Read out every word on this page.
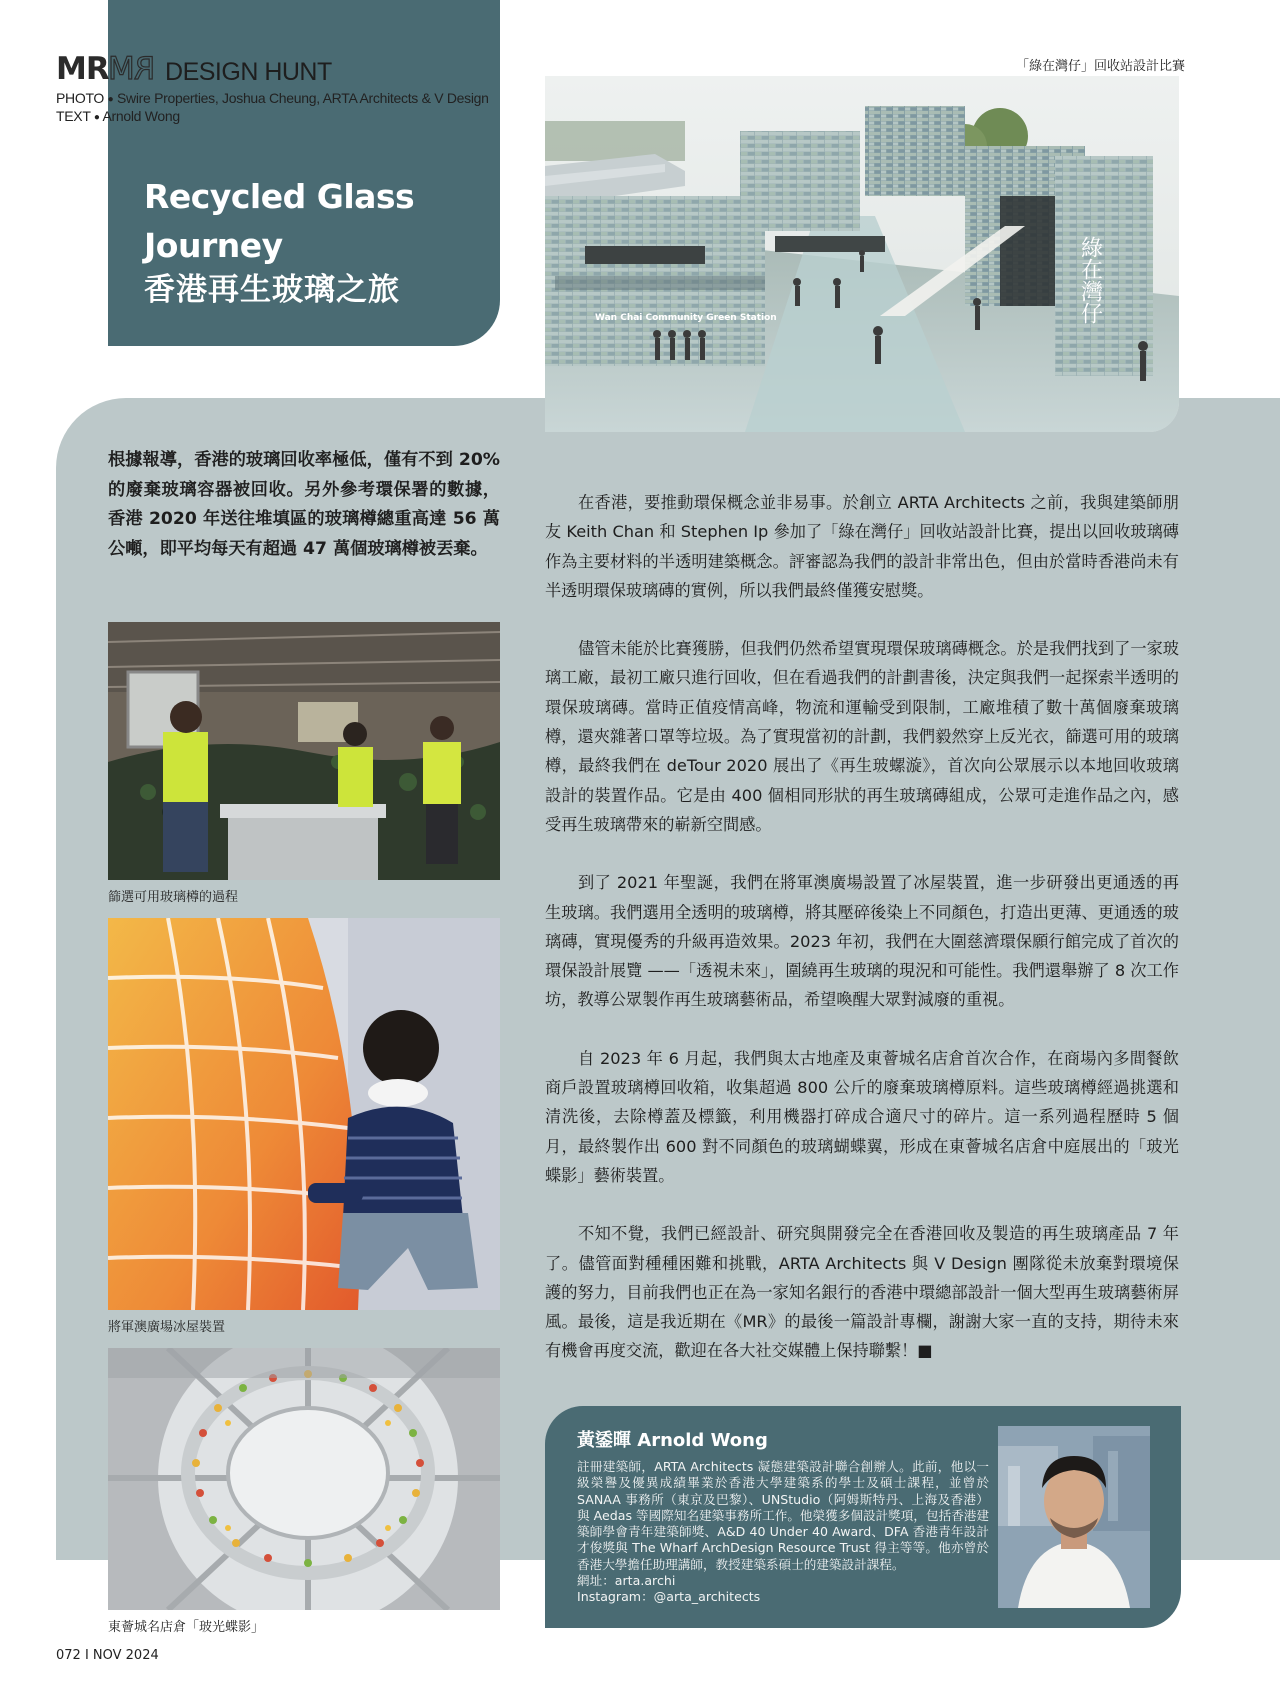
MR RM DESIGN HUNT
PHOTO ● Swire Properties, Joshua Cheung, ARTA Architects & V Design
TEXT ● Arnold Wong
Recycled Glass
Journey
香港再生玻璃之旅
「綠在灣仔」回收站設計比賽
Wan Chai Community Green Station	綠在灣仔
根據報導，香港的玻璃回收率極低，僅有不到 20% 的廢棄玻璃容器被回收。另外參考環保署的數據，香港 2020 年送往堆填區的玻璃樽總重高達 56 萬公噸，即平均每天有超過 47 萬個玻璃樽被丟棄。
篩選可用玻璃樽的過程
將軍澳廣場冰屋裝置
東薈城名店倉「玻光蝶影」

在香港，要推動環保概念並非易事。於創立 ARTA Architects 之前，我與建築師朋友 Keith Chan 和 Stephen Ip 參加了「綠在灣仔」回收站設計比賽，提出以回收玻璃磚作為主要材料的半透明建築概念。評審認為我們的設計非常出色，但由於當時香港尚未有半透明環保玻璃磚的實例，所以我們最終僅獲安慰獎。

儘管未能於比賽獲勝，但我們仍然希望實現環保玻璃磚概念。於是我們找到了一家玻璃工廠，最初工廠只進行回收，但在看過我們的計劃書後，決定與我們一起探索半透明的環保玻璃磚。當時正值疫情高峰，物流和運輸受到限制，工廠堆積了數十萬個廢棄玻璃樽，還夾雜著口罩等垃圾。為了實現當初的計劃，我們毅然穿上反光衣，篩選可用的玻璃樽，最終我們在 deTour 2020 展出了《再生玻螺漩》，首次向公眾展示以本地回收玻璃設計的裝置作品。它是由 400 個相同形狀的再生玻璃磚組成，公眾可走進作品之內，感受再生玻璃帶來的嶄新空間感。

到了 2021 年聖誕，我們在將軍澳廣場設置了冰屋裝置，進一步研發出更通透的再生玻璃。我們選用全透明的玻璃樽，將其壓碎後染上不同顏色，打造出更薄、更通透的玻璃磚，實現優秀的升級再造效果。2023 年初，我們在大圍慈濟環保願行館完成了首次的環保設計展覽 ——「透視未來」，圍繞再生玻璃的現況和可能性。我們還舉辦了 8 次工作坊，教導公眾製作再生玻璃藝術品，希望喚醒大眾對減廢的重視。

自 2023 年 6 月起，我們與太古地產及東薈城名店倉首次合作，在商場內多間餐飲商戶設置玻璃樽回收箱，收集超過 800 公斤的廢棄玻璃樽原料。這些玻璃樽經過挑選和清洗後，去除樽蓋及標籤，利用機器打碎成合適尺寸的碎片。這一系列過程歷時 5 個月，最終製作出 600 對不同顏色的玻璃蝴蝶翼，形成在東薈城名店倉中庭展出的「玻光蝶影」藝術裝置。

不知不覺，我們已經設計、研究與開發完全在香港回收及製造的再生玻璃產品 7 年了。儘管面對種種困難和挑戰，ARTA Architects 與 V Design 團隊從未放棄對環境保護的努力，目前我們也正在為一家知名銀行的香港中環總部設計一個大型再生玻璃藝術屏風。最後，這是我近期在《MR》的最後一篇設計專欄，謝謝大家一直的支持，期待未來有機會再度交流，歡迎在各大社交媒體上保持聯繫！■

黃鋈暉 Arnold Wong
註冊建築師，ARTA Architects 凝態建築設計聯合創辦人。此前，他以一級榮譽及優異成績畢業於香港大學建築系的學士及碩士課程，並曾於 SANAA 事務所（東京及巴黎）、UNStudio（阿姆斯特丹、上海及香港）與 Aedas 等國際知名建築事務所工作。他榮獲多個設計獎項，包括香港建築師學會青年建築師獎、A&D 40 Under 40 Award、DFA 香港青年設計才俊獎與 The Wharf ArchDesign Resource Trust 得主等等。他亦曾於香港大學擔任助理講師，教授建築系碩士的建築設計課程。
網址：arta.archi
Instagram：@arta_architects
072 I NOV 2024
